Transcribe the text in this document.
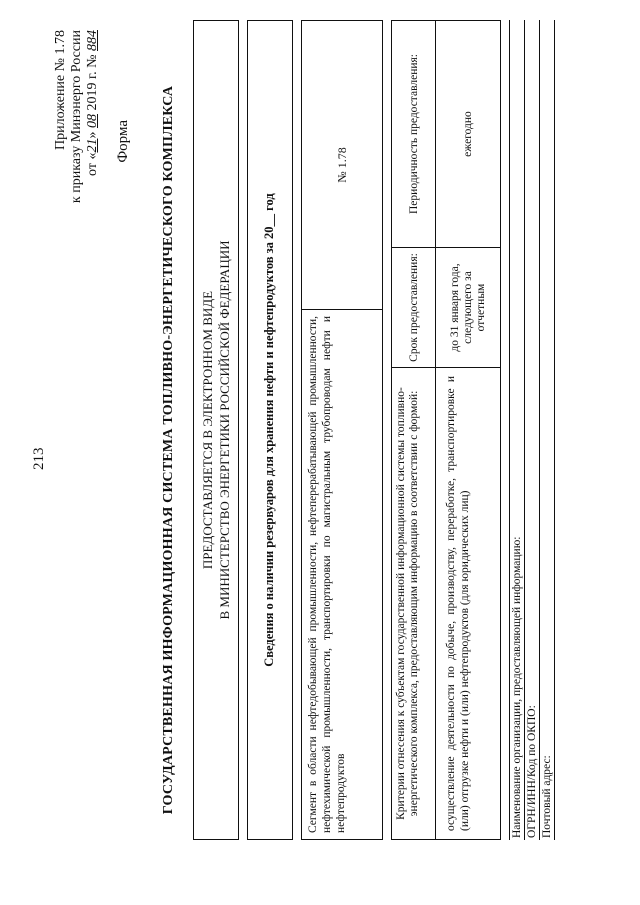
213
Приложение № 1.78 к приказу Минэнерго России от «21» 08 2019 г. № 884
Форма ГОСУДАРСТВЕННАЯ ИНФОРМАЦИОННАЯ СИСТЕМА ТОПЛИВНО-ЭНЕРГЕТИЧЕСКОГО КОМПЛЕКСА ПРЕДОСТАВЛЯЕТСЯ В ЭЛЕКТРОННОМ ВИДЕ В МИНИСТЕРСТВО ЭНЕРГЕТИКИ РОССИЙСКОЙ ФЕДЕРАЦИИ	Сведения о наличии резервуаров для хранения нефти и нефтепродуктов за 20__ год	Сегмент в области нефтедобывающей промышленности, нефтеперерабатывающей промышленности, нефтехимической промышленности, транспортировки по магистральным трубопроводам нефти и нефтепродуктов
№ 1.78
Критерии отнесения к субъектам государственной информационной системы топливно-энергетического комплекса, предоставляющим информацию в соответствии с формой:
Срок предоставления:
Периодичность предоставления:
осуществление деятельности по добыче, производству, переработке, транспортировке и (или) отгрузке нефти и (или) нефтепродуктов (для юридических лиц)
до 31 января года, следующего за отчетным
ежегодно
Наименование организации, предоставляющей информацию: ОГРН/ИНН/Код по ОКПО: Почтовый адрес:
